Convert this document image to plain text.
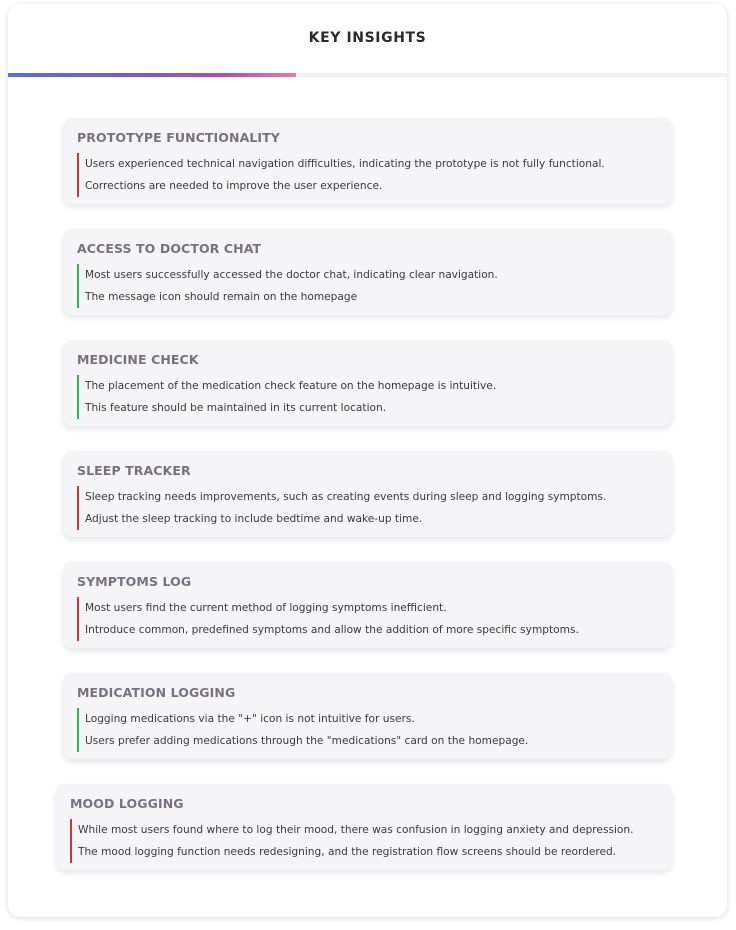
KEY INSIGHTS
PROTOTYPE FUNCTIONALITY
Users experienced technical navigation difficulties, indicating the prototype is not fully functional.
Corrections are needed to improve the user experience.
ACCESS TO DOCTOR CHAT
Most users successfully accessed the doctor chat, indicating clear navigation.
The message icon should remain on the homepage
MEDICINE CHECK
The placement of the medication check feature on the homepage is intuitive.
This feature should be maintained in its current location.
SLEEP TRACKER
Sleep tracking needs improvements, such as creating events during sleep and logging symptoms.
Adjust the sleep tracking to include bedtime and wake-up time.
SYMPTOMS LOG
Most users find the current method of logging symptoms inefficient.
Introduce common, predefined symptoms and allow the addition of more specific symptoms.
MEDICATION LOGGING
Logging medications via the "+" icon is not intuitive for users.
Users prefer adding medications through the "medications" card on the homepage.
MOOD LOGGING
While most users found where to log their mood, there was confusion in logging anxiety and depression.
The mood logging function needs redesigning, and the registration flow screens should be reordered.
